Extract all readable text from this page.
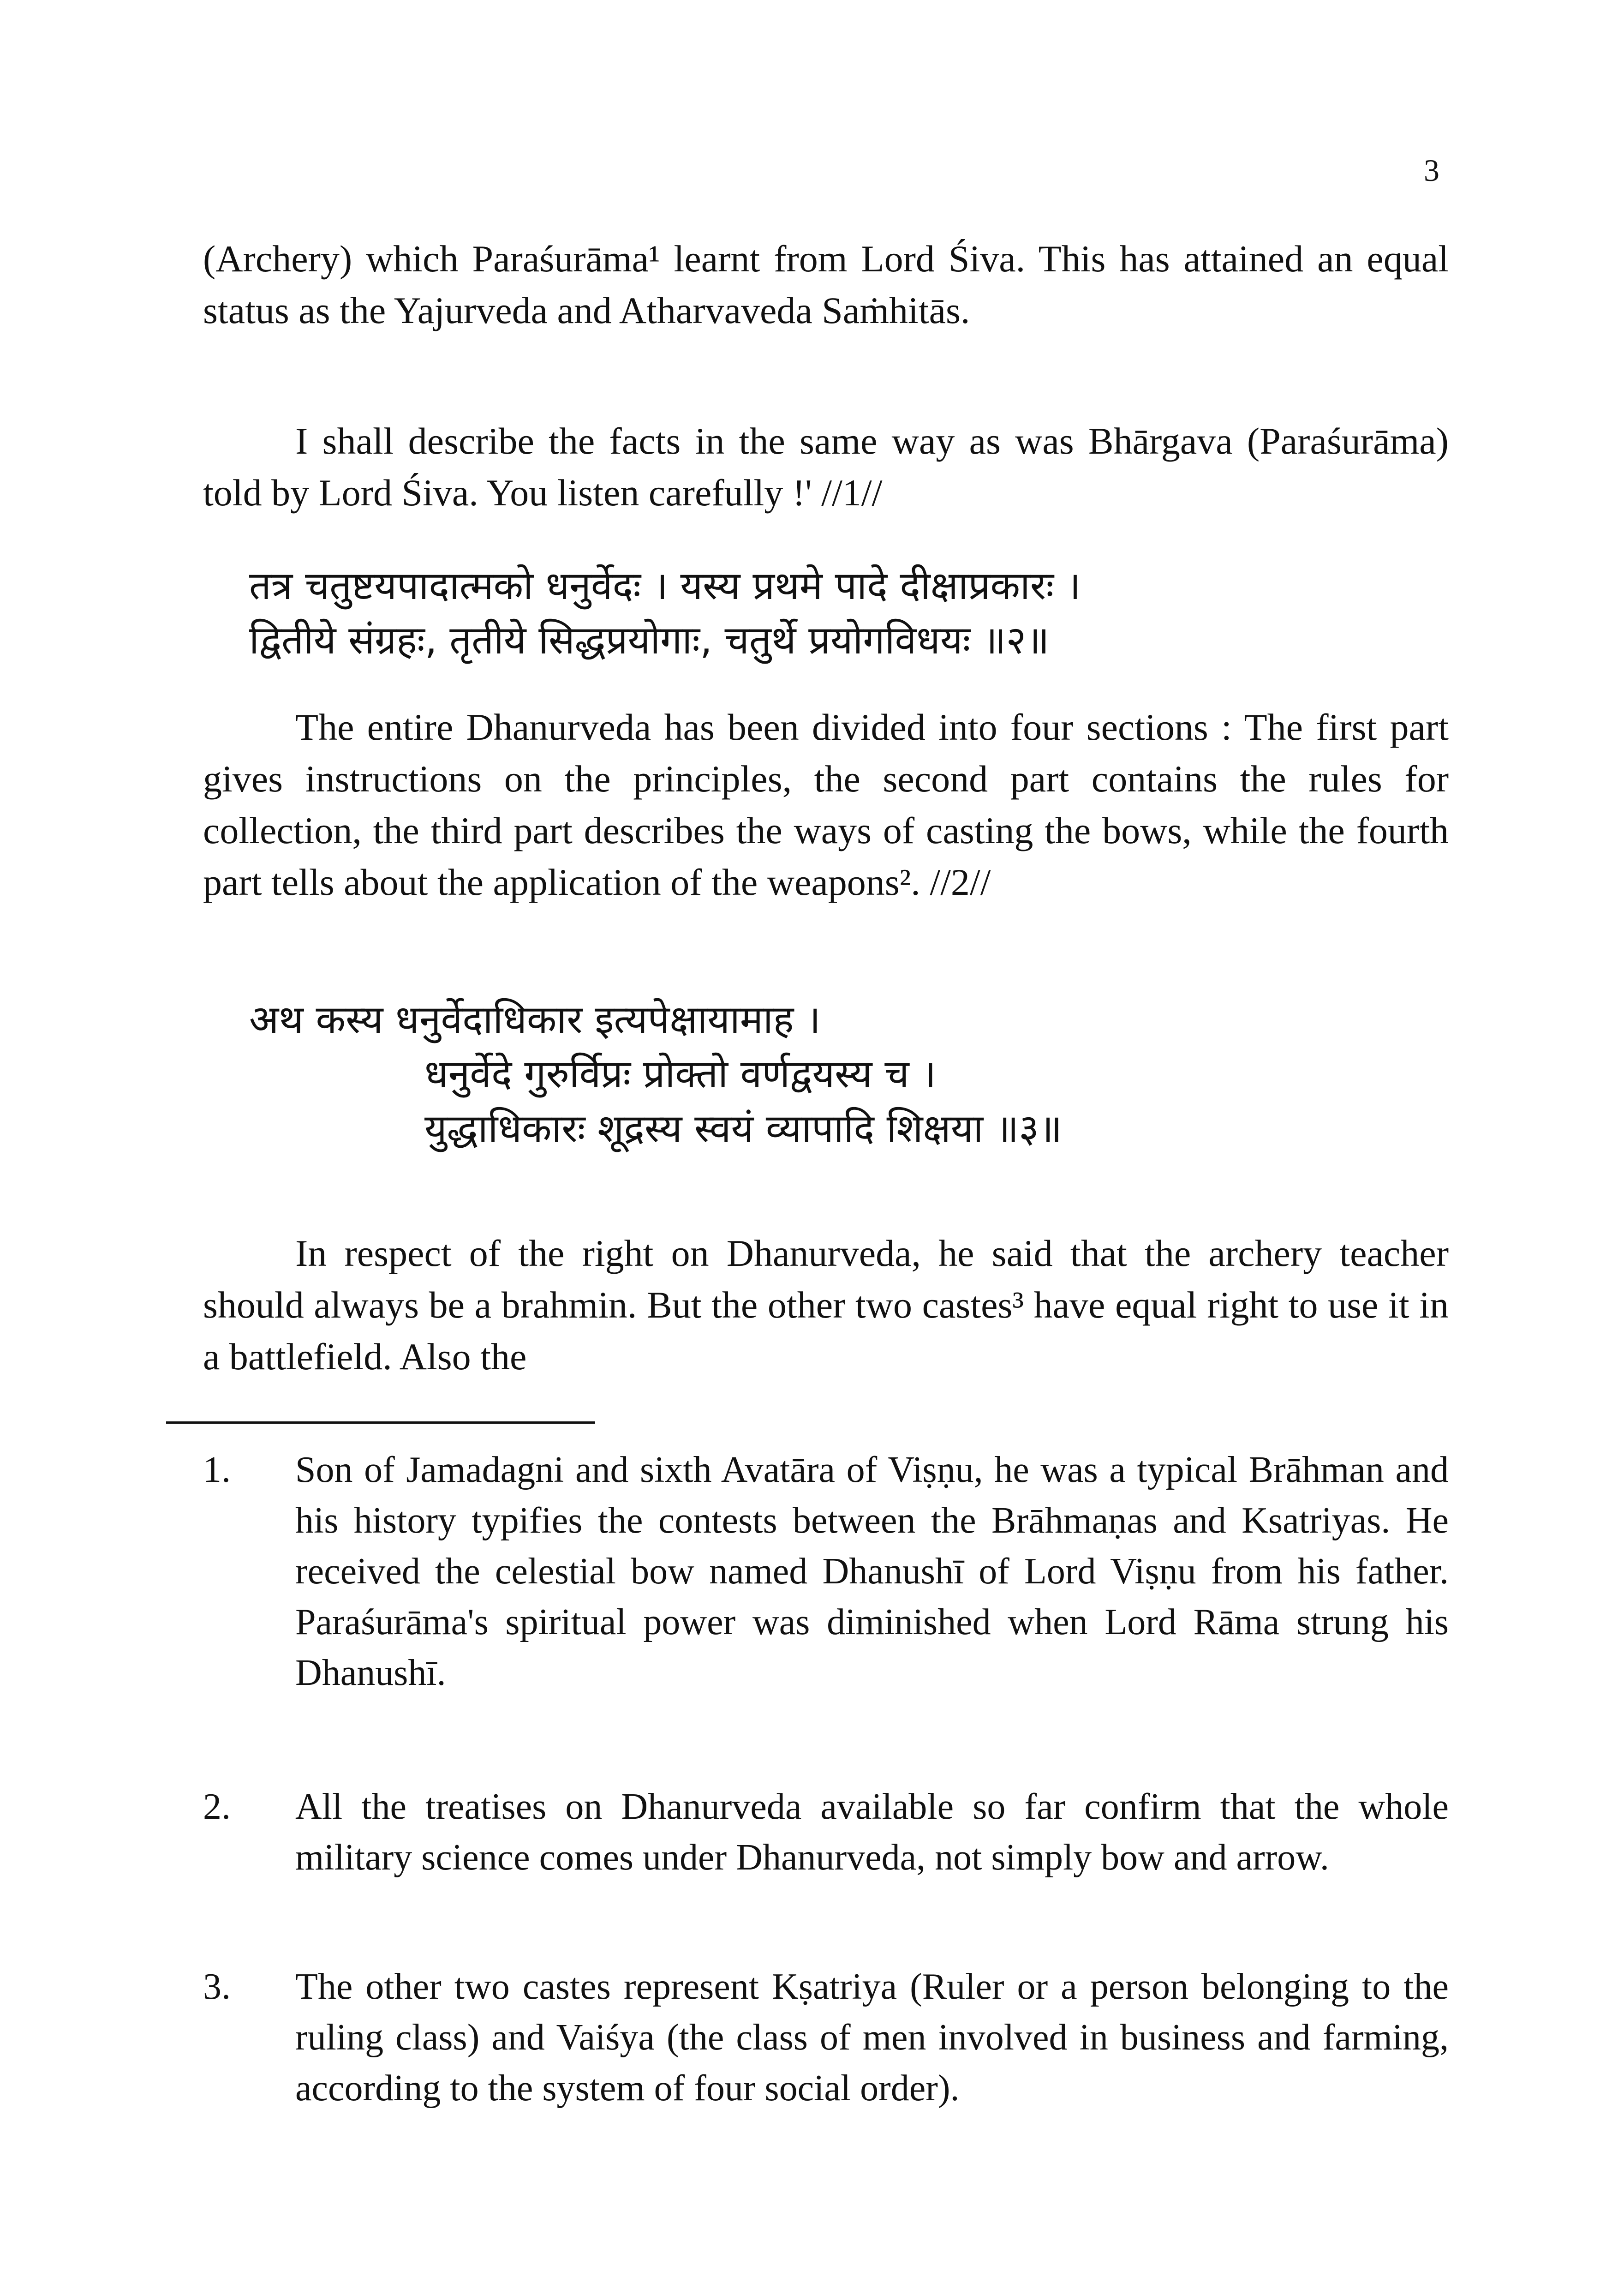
3

(Archery) which Paraśurāma¹ learnt from Lord Śiva. This has attained an equal status as the Yajurveda and Atharvaveda Saṁhitās.

I shall describe the facts in the same way as was Bhārgava (Paraśurāma) told by Lord Śiva. You listen carefully !' //1//

तत्र चतुष्टयपादात्मको धनुर्वेदः । यस्य प्रथमे पादे दीक्षाप्रकारः ।

द्वितीये संग्रहः, तृतीये सिद्धप्रयोगाः, चतुर्थे प्रयोगविधयः ॥२॥

The entire Dhanurveda has been divided into four sections : The first part gives instructions on the principles, the second part contains the rules for collection, the third part describes the ways of casting the bows, while the fourth part tells about the application of the weapons². //2//

अथ कस्य धनुर्वेदाधिकार इत्यपेक्षायामाह ।

धनुर्वेदे गुरुर्विप्रः प्रोक्तो वर्णद्वयस्य च ।

युद्धाधिकारः शूद्रस्य स्वयं व्यापादि शिक्षया ॥३॥

In respect of the right on Dhanurveda, he said that the archery teacher should always be a brahmin. But the other two castes³ have equal right to use it in a battlefield. Also the

1. Son of Jamadagni and sixth Avatāra of Viṣṇu, he was a typical Brāhman and his history typifies the contests between the Brāhmaṇas and Ksatriyas. He received the celestial bow named Dhanushī of Lord Viṣṇu from his father. Paraśurāma's spiritual power was diminished when Lord Rāma strung his Dhanushī.
2. All the treatises on Dhanurveda available so far confirm that the whole military science comes under Dhanurveda, not simply bow and arrow.
3. The other two castes represent Kṣatriya (Ruler or a person belonging to the ruling class) and Vaiśya (the class of men involved in business and farming, according to the system of four social order).
